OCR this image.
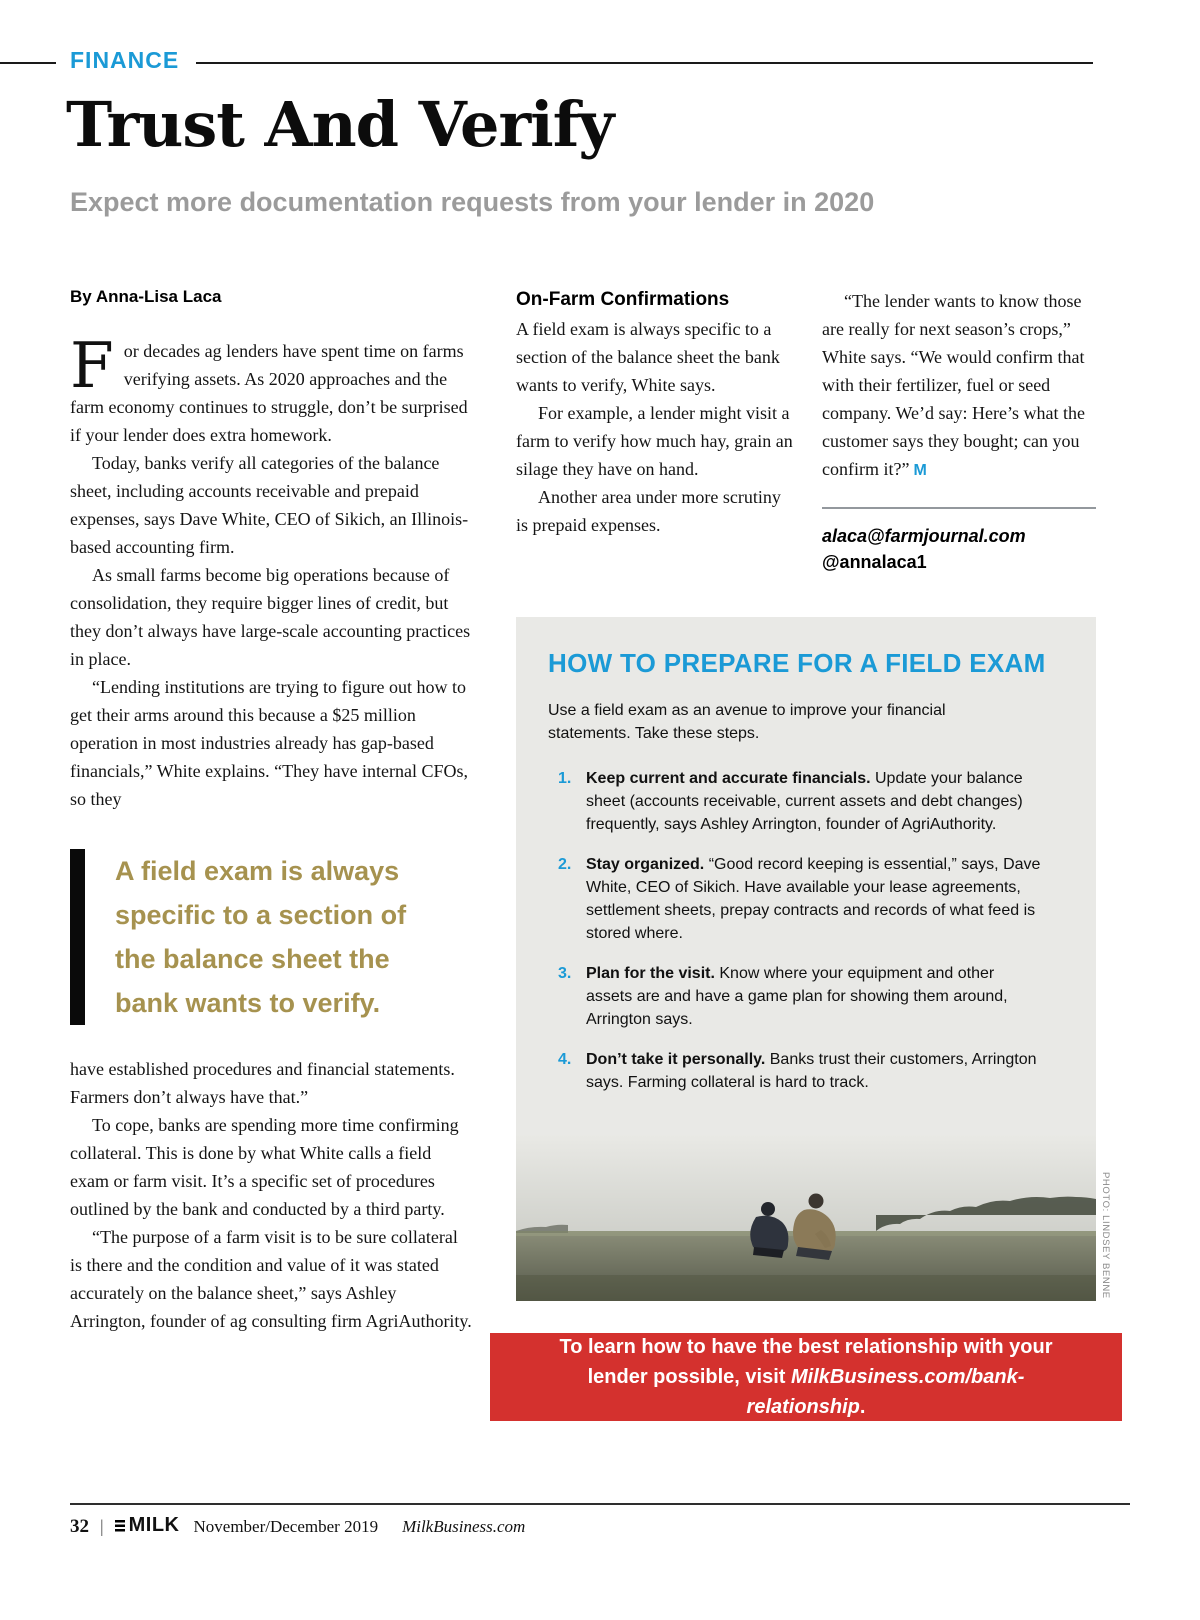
FINANCE
Trust And Verify

Expect more documentation requests from your lender in 2020

By Anna-Lisa Laca

For decades ag lenders have spent time on farms verifying assets. As 2020 approaches and the farm economy continues to struggle, don’t be surprised if your lender does extra homework.

Today, banks verify all categories of the balance sheet, including accounts receivable and prepaid expenses, says Dave White, CEO of Sikich, an Illinois-based accounting firm.

As small farms become big operations because of consolidation, they require bigger lines of credit, but they don’t always have large-scale accounting practices in place.

“Lending institutions are trying to figure out how to get their arms around this because a $25 million operation in most industries already has gap-based financials,” White explains. “They have internal CFOs, so they

A field exam is always specific to a section of the balance sheet the bank wants to verify.

have established procedures and financial statements. Farmers don’t always have that.”

To cope, banks are spending more time confirming collateral. This is done by what White calls a field exam or farm visit. It’s a specific set of procedures outlined by the bank and conducted by a third party.

“The purpose of a farm visit is to be sure collateral is there and the condition and value of it was stated accurately on the balance sheet,” says Ashley Arrington, founder of ag consulting firm AgriAuthority.

On-Farm Confirmations

A field exam is always specific to a section of the balance sheet the bank wants to verify, White says.

For example, a lender might visit a farm to verify how much hay, grain an silage they have on hand.

Another area under more scrutiny is prepaid expenses.

“The lender wants to know those are really for next season’s crops,” White says. “We would confirm that with their fertilizer, fuel or seed company. We’d say: Here’s what the customer says they bought; can you confirm it?” M

alaca@farmjournal.com
@annalaca1
HOW TO PREPARE FOR A FIELD EXAM

Use a field exam as an avenue to improve your financial statements. Take these steps.

1. Keep current and accurate financials. Update your balance sheet (accounts receivable, current assets and debt changes) frequently, says Ashley Arrington, founder of AgriAuthority.
2. Stay organized. “Good record keeping is essential,” says, Dave White, CEO of Sikich. Have available your lease agreements, settlement sheets, prepay contracts and records of what feed is stored where.
3. Plan for the visit. Know where your equipment and other assets are and have a game plan for showing them around, Arrington says.
4. Don’t take it personally. Banks trust their customers, Arrington says. Farming collateral is hard to track.
PHOTO: LINDSEY BENNE
To learn how to have the best relationship with your lender possible, visit MilkBusiness.com/bank-relationship.
32 | MILK November/December 2019 MilkBusiness.com
